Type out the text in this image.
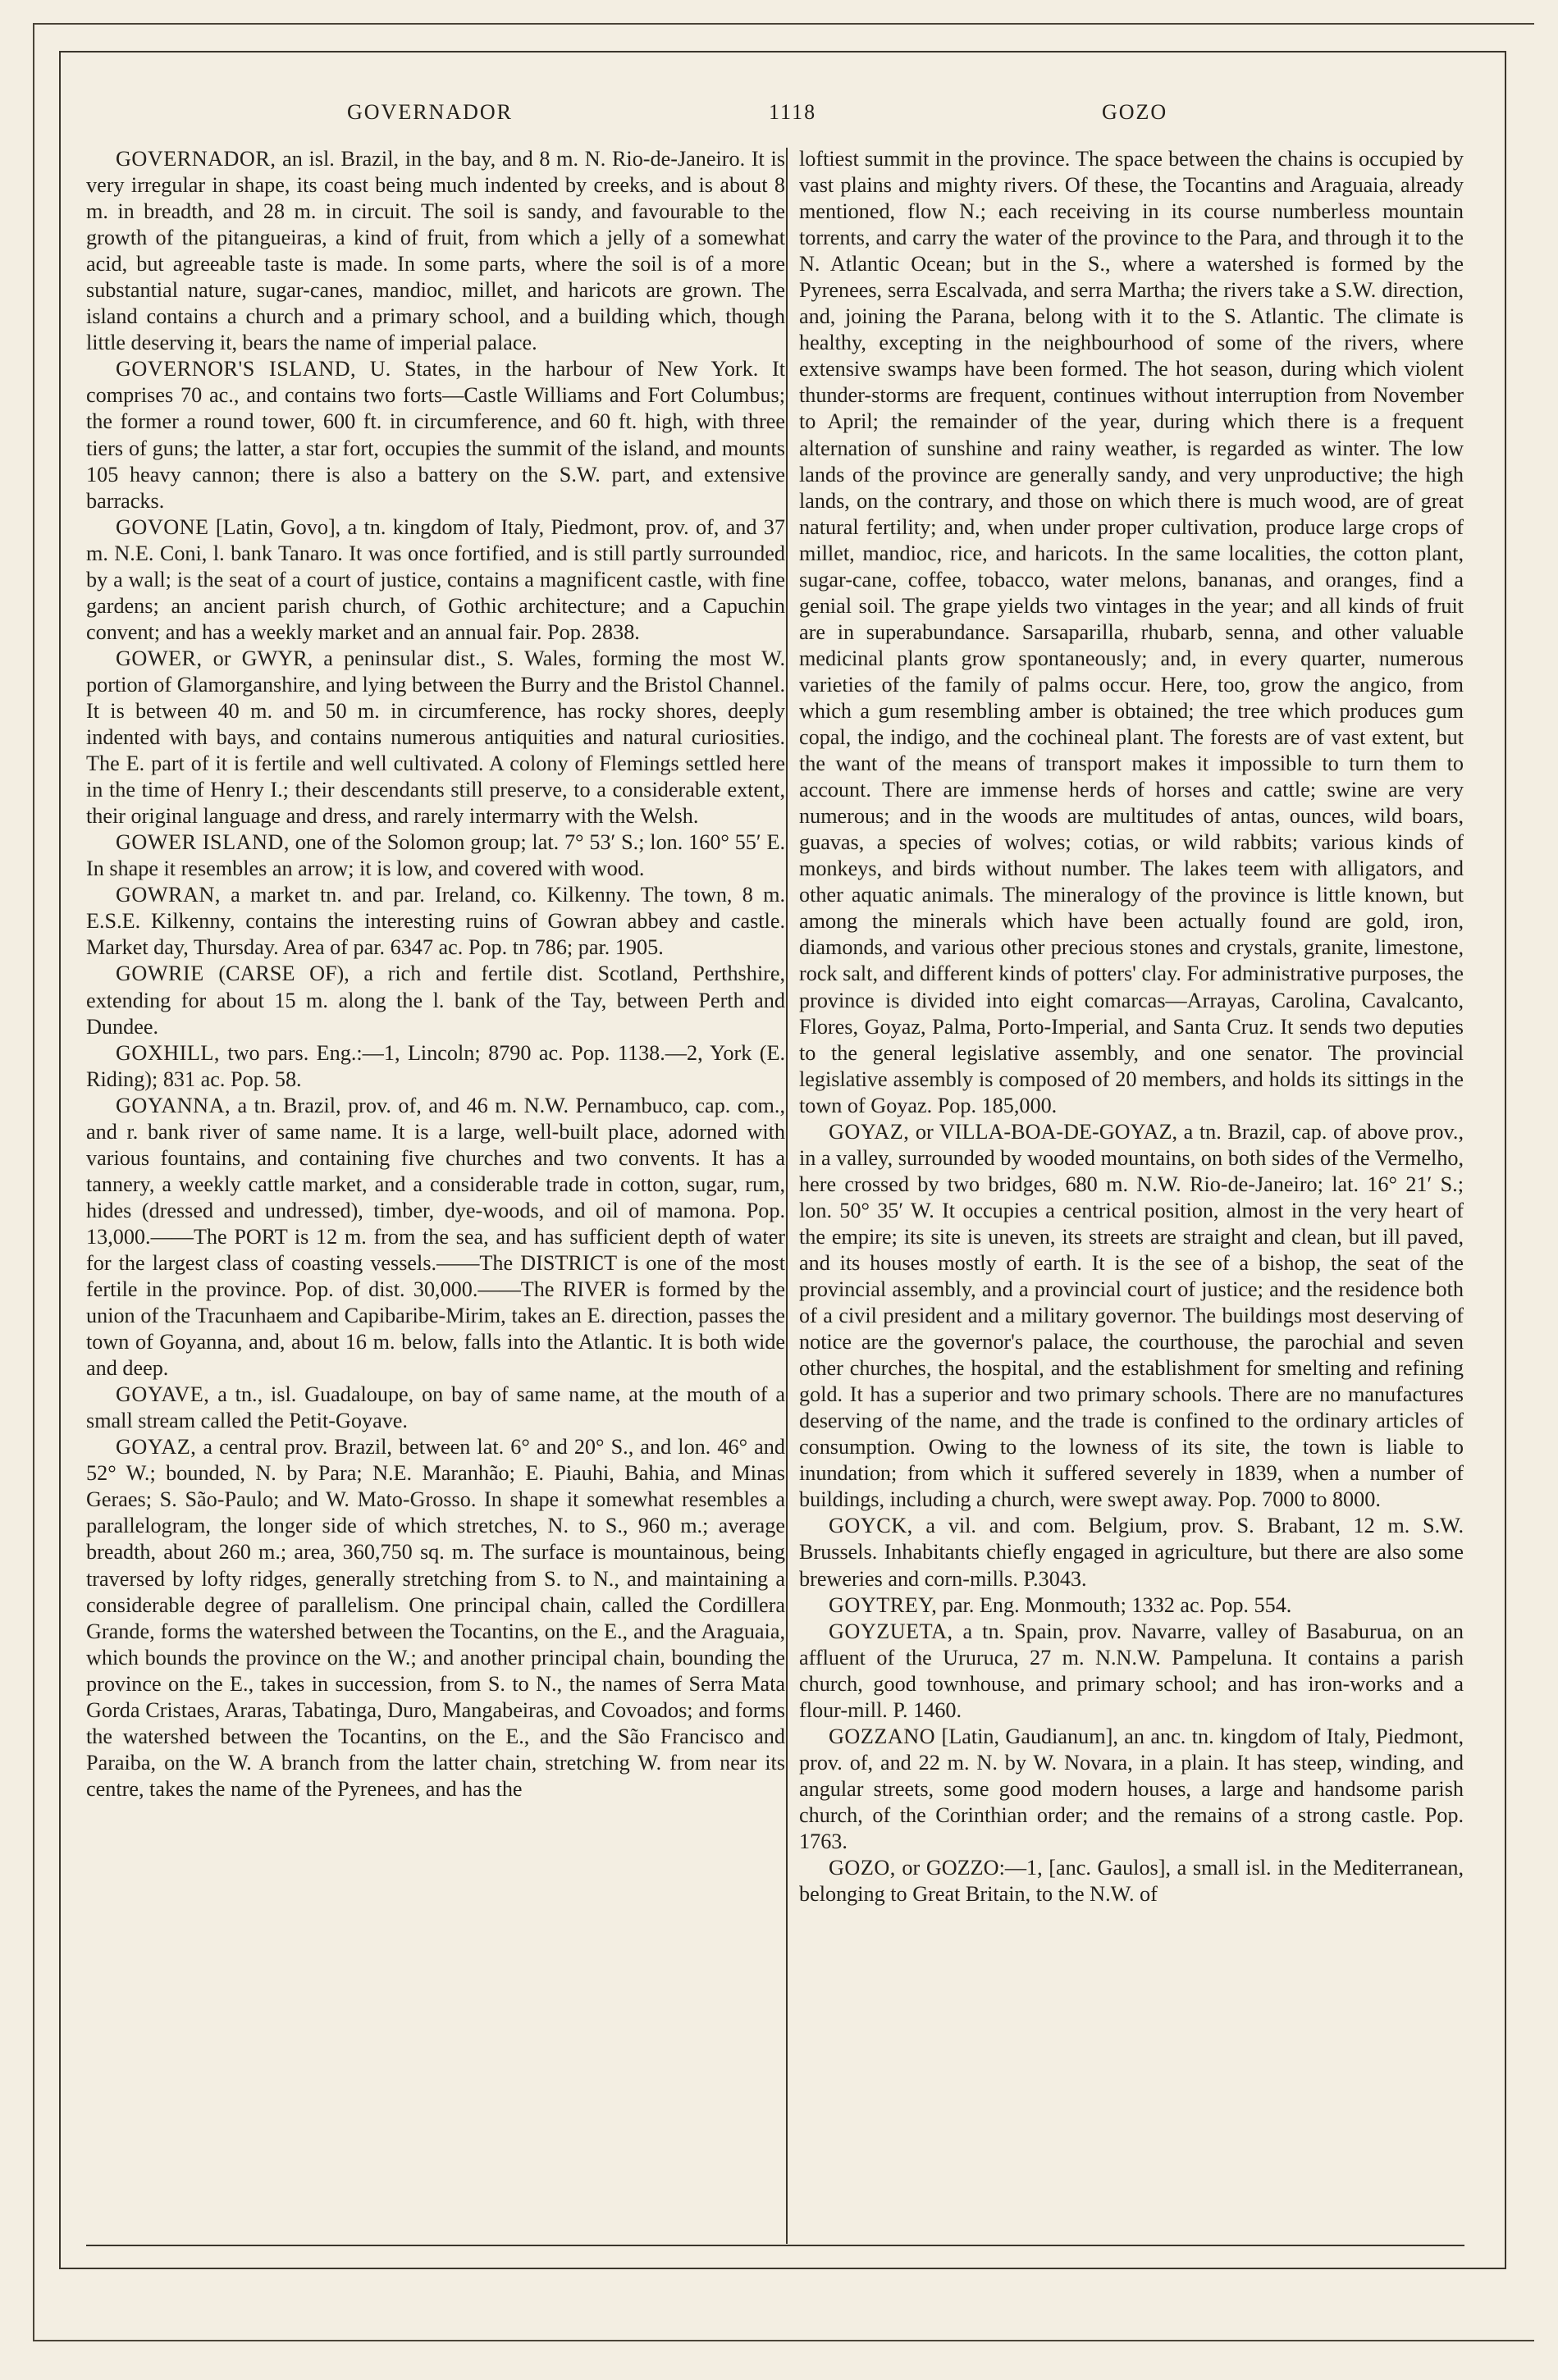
GOVERNADOR	1118	GOZO

GOVERNADOR, an isl. Brazil, in the bay, and 8 m. N. Rio-de-Janeiro. It is very irregular in shape, its coast being much indented by creeks, and is about 8 m. in breadth, and 28 m. in circuit. The soil is sandy, and favourable to the growth of the pitangueiras, a kind of fruit, from which a jelly of a somewhat acid, but agreeable taste is made. In some parts, where the soil is of a more substantial nature, sugar-canes, mandioc, millet, and haricots are grown. The island contains a church and a primary school, and a building which, though little deserving it, bears the name of imperial palace.

GOVERNOR'S ISLAND, U. States, in the harbour of New York. It comprises 70 ac., and contains two forts—Castle Williams and Fort Columbus; the former a round tower, 600 ft. in circumference, and 60 ft. high, with three tiers of guns; the latter, a star fort, occupies the summit of the island, and mounts 105 heavy cannon; there is also a battery on the S.W. part, and extensive barracks.

GOVONE [Latin, Govo], a tn. kingdom of Italy, Piedmont, prov. of, and 37 m. N.E. Coni, l. bank Tanaro. It was once fortified, and is still partly surrounded by a wall; is the seat of a court of justice, contains a magnificent castle, with fine gardens; an ancient parish church, of Gothic architecture; and a Capuchin convent; and has a weekly market and an annual fair. Pop. 2838.

GOWER, or GWYR, a peninsular dist., S. Wales, forming the most W. portion of Glamorganshire, and lying between the Burry and the Bristol Channel. It is between 40 m. and 50 m. in circumference, has rocky shores, deeply indented with bays, and contains numerous antiquities and natural curiosities. The E. part of it is fertile and well cultivated. A colony of Flemings settled here in the time of Henry I.; their descendants still preserve, to a considerable extent, their original language and dress, and rarely intermarry with the Welsh.

GOWER ISLAND, one of the Solomon group; lat. 7° 53′ S.; lon. 160° 55′ E. In shape it resembles an arrow; it is low, and covered with wood.

GOWRAN, a market tn. and par. Ireland, co. Kilkenny. The town, 8 m. E.S.E. Kilkenny, contains the interesting ruins of Gowran abbey and castle. Market day, Thursday. Area of par. 6347 ac. Pop. tn 786; par. 1905.

GOWRIE (CARSE OF), a rich and fertile dist. Scotland, Perthshire, extending for about 15 m. along the l. bank of the Tay, between Perth and Dundee.

GOXHILL, two pars. Eng.:—1, Lincoln; 8790 ac. Pop. 1138.—2, York (E. Riding); 831 ac. Pop. 58.

GOYANNA, a tn. Brazil, prov. of, and 46 m. N.W. Pernambuco, cap. com., and r. bank river of same name. It is a large, well-built place, adorned with various fountains, and containing five churches and two convents. It has a tannery, a weekly cattle market, and a considerable trade in cotton, sugar, rum, hides (dressed and undressed), timber, dye-woods, and oil of mamona. Pop. 13,000.——The PORT is 12 m. from the sea, and has sufficient depth of water for the largest class of coasting vessels.——The DISTRICT is one of the most fertile in the province. Pop. of dist. 30,000.——The RIVER is formed by the union of the Tracunhaem and Capibaribe-Mirim, takes an E. direction, passes the town of Goyanna, and, about 16 m. below, falls into the Atlantic. It is both wide and deep.

GOYAVE, a tn., isl. Guadaloupe, on bay of same name, at the mouth of a small stream called the Petit-Goyave.

GOYAZ, a central prov. Brazil, between lat. 6° and 20° S., and lon. 46° and 52° W.; bounded, N. by Para; N.E. Maranhão; E. Piauhi, Bahia, and Minas Geraes; S. São-Paulo; and W. Mato-Grosso. In shape it somewhat resembles a parallelogram, the longer side of which stretches, N. to S., 960 m.; average breadth, about 260 m.; area, 360,750 sq. m. The surface is mountainous, being traversed by lofty ridges, generally stretching from S. to N., and maintaining a considerable degree of parallelism. One principal chain, called the Cordillera Grande, forms the watershed between the Tocantins, on the E., and the Araguaia, which bounds the province on the W.; and another principal chain, bounding the province on the E., takes in succession, from S. to N., the names of Serra Mata Gorda Cristaes, Araras, Tabatinga, Duro, Mangabeiras, and Covoados; and forms the watershed between the Tocantins, on the E., and the São Francisco and Paraiba, on the W. A branch from the latter chain, stretching W. from near its centre, takes the name of the Pyrenees, and has the

loftiest summit in the province. The space between the chains is occupied by vast plains and mighty rivers. Of these, the Tocantins and Araguaia, already mentioned, flow N.; each receiving in its course numberless mountain torrents, and carry the water of the province to the Para, and through it to the N. Atlantic Ocean; but in the S., where a watershed is formed by the Pyrenees, serra Escalvada, and serra Martha; the rivers take a S.W. direction, and, joining the Parana, belong with it to the S. Atlantic. The climate is healthy, excepting in the neighbourhood of some of the rivers, where extensive swamps have been formed. The hot season, during which violent thunder-storms are frequent, continues without interruption from November to April; the remainder of the year, during which there is a frequent alternation of sunshine and rainy weather, is regarded as winter. The low lands of the province are generally sandy, and very unproductive; the high lands, on the contrary, and those on which there is much wood, are of great natural fertility; and, when under proper cultivation, produce large crops of millet, mandioc, rice, and haricots. In the same localities, the cotton plant, sugar-cane, coffee, tobacco, water melons, bananas, and oranges, find a genial soil. The grape yields two vintages in the year; and all kinds of fruit are in superabundance. Sarsaparilla, rhubarb, senna, and other valuable medicinal plants grow spontaneously; and, in every quarter, numerous varieties of the family of palms occur. Here, too, grow the angico, from which a gum resembling amber is obtained; the tree which produces gum copal, the indigo, and the cochineal plant. The forests are of vast extent, but the want of the means of transport makes it impossible to turn them to account. There are immense herds of horses and cattle; swine are very numerous; and in the woods are multitudes of antas, ounces, wild boars, guavas, a species of wolves; cotias, or wild rabbits; various kinds of monkeys, and birds without number. The lakes teem with alligators, and other aquatic animals. The mineralogy of the province is little known, but among the minerals which have been actually found are gold, iron, diamonds, and various other precious stones and crystals, granite, limestone, rock salt, and different kinds of potters' clay. For administrative purposes, the province is divided into eight comarcas—Arrayas, Carolina, Cavalcanto, Flores, Goyaz, Palma, Porto-Imperial, and Santa Cruz. It sends two deputies to the general legislative assembly, and one senator. The provincial legislative assembly is composed of 20 members, and holds its sittings in the town of Goyaz. Pop. 185,000.

GOYAZ, or VILLA-BOA-DE-GOYAZ, a tn. Brazil, cap. of above prov., in a valley, surrounded by wooded mountains, on both sides of the Vermelho, here crossed by two bridges, 680 m. N.W. Rio-de-Janeiro; lat. 16° 21′ S.; lon. 50° 35′ W. It occupies a centrical position, almost in the very heart of the empire; its site is uneven, its streets are straight and clean, but ill paved, and its houses mostly of earth. It is the see of a bishop, the seat of the provincial assembly, and a provincial court of justice; and the residence both of a civil president and a military governor. The buildings most deserving of notice are the governor's palace, the courthouse, the parochial and seven other churches, the hospital, and the establishment for smelting and refining gold. It has a superior and two primary schools. There are no manufactures deserving of the name, and the trade is confined to the ordinary articles of consumption. Owing to the lowness of its site, the town is liable to inundation; from which it suffered severely in 1839, when a number of buildings, including a church, were swept away. Pop. 7000 to 8000.

GOYCK, a vil. and com. Belgium, prov. S. Brabant, 12 m. S.W. Brussels. Inhabitants chiefly engaged in agriculture, but there are also some breweries and corn-mills. P.3043.

GOYTREY, par. Eng. Monmouth; 1332 ac. Pop. 554.

GOYZUETA, a tn. Spain, prov. Navarre, valley of Basaburua, on an affluent of the Ururuca, 27 m. N.N.W. Pampeluna. It contains a parish church, good townhouse, and primary school; and has iron-works and a flour-mill. P. 1460.

GOZZANO [Latin, Gaudianum], an anc. tn. kingdom of Italy, Piedmont, prov. of, and 22 m. N. by W. Novara, in a plain. It has steep, winding, and angular streets, some good modern houses, a large and handsome parish church, of the Corinthian order; and the remains of a strong castle. Pop. 1763.

GOZO, or GOZZO:—1, [anc. Gaulos], a small isl. in the Mediterranean, belonging to Great Britain, to the N.W. of
